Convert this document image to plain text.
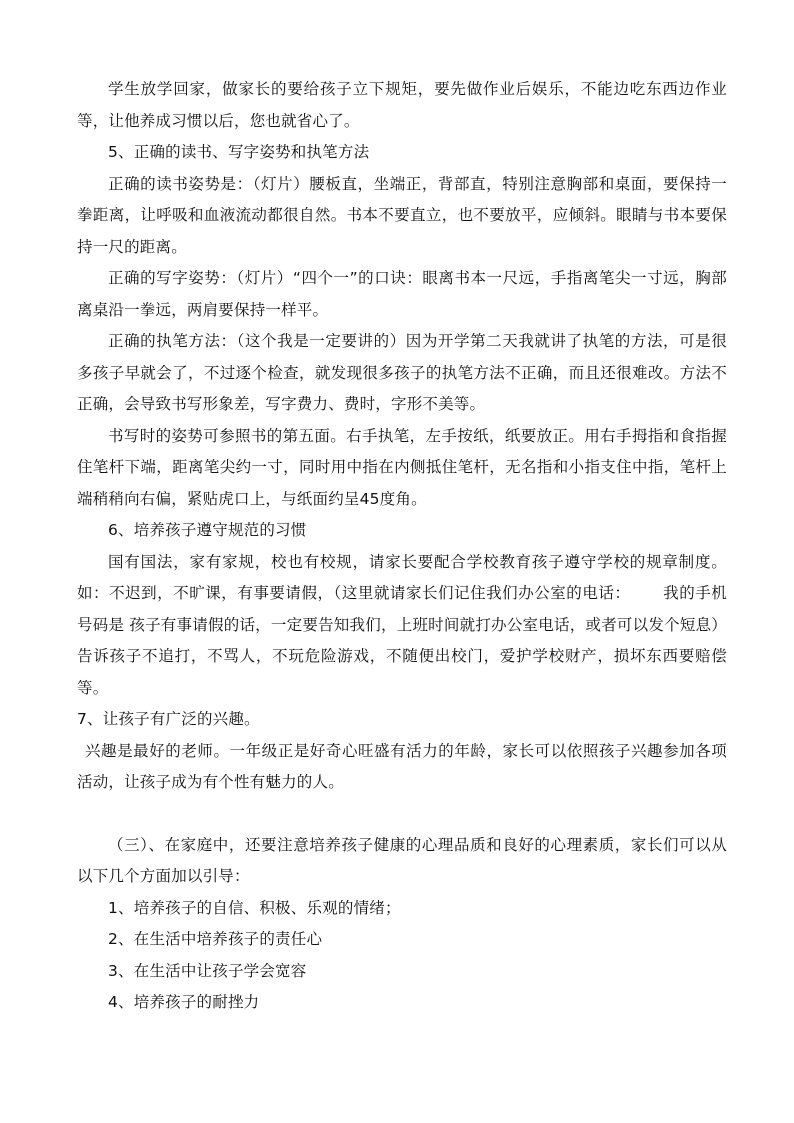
学生放学回家，做家长的要给孩子立下规矩，要先做作业后娱乐，不能边吃东西边作业等，让他养成习惯以后，您也就省心了。

5、正确的读书、写字姿势和执笔方法

正确的读书姿势是：（灯片）腰板直，坐端正，背部直，特别注意胸部和桌面，要保持一拳距离，让呼吸和血液流动都很自然。书本不要直立，也不要放平，应倾斜。眼睛与书本要保持一尺的距离。

正确的写字姿势：（灯片）“四个一”的口诀：眼离书本一尺远，手指离笔尖一寸远，胸部离桌沿一拳远，两肩要保持一样平。

正确的执笔方法：（这个我是一定要讲的）因为开学第二天我就讲了执笔的方法，可是很多孩子早就会了，不过逐个检查，就发现很多孩子的执笔方法不正确，而且还很难改。方法不正确，会导致书写形象差，写字费力、费时，字形不美等。

书写时的姿势可参照书的第五面。右手执笔，左手按纸，纸要放正。用右手拇指和食指握住笔杆下端，距离笔尖约一寸，同时用中指在内侧抵住笔杆，无名指和小指支住中指，笔杆上端稍稍向右偏，紧贴虎口上，与纸面约呈45度角。

6、培养孩子遵守规范的习惯

国有国法，家有家规，校也有校规，请家长要配合学校教育孩子遵守学校的规章制度。如：不迟到，不旷课，有事要请假，（这里就请家长们记住我们办公室的电话：      我的手机号码是 孩子有事请假的话，一定要告知我们，上班时间就打办公室电话，或者可以发个短息）告诉孩子不追打，不骂人，不玩危险游戏，不随便出校门，爱护学校财产，损坏东西要赔偿等。

7、让孩子有广泛的兴趣。

兴趣是最好的老师。一年级正是好奇心旺盛有活力的年龄，家长可以依照孩子兴趣参加各项活动，让孩子成为有个性有魅力的人。

（三）、在家庭中，还要注意培养孩子健康的心理品质和良好的心理素质，家长们可以从以下几个方面加以引导：

1、培养孩子的自信、积极、乐观的情绪；

2、在生活中培养孩子的责任心

3、在生活中让孩子学会宽容

4、培养孩子的耐挫力
